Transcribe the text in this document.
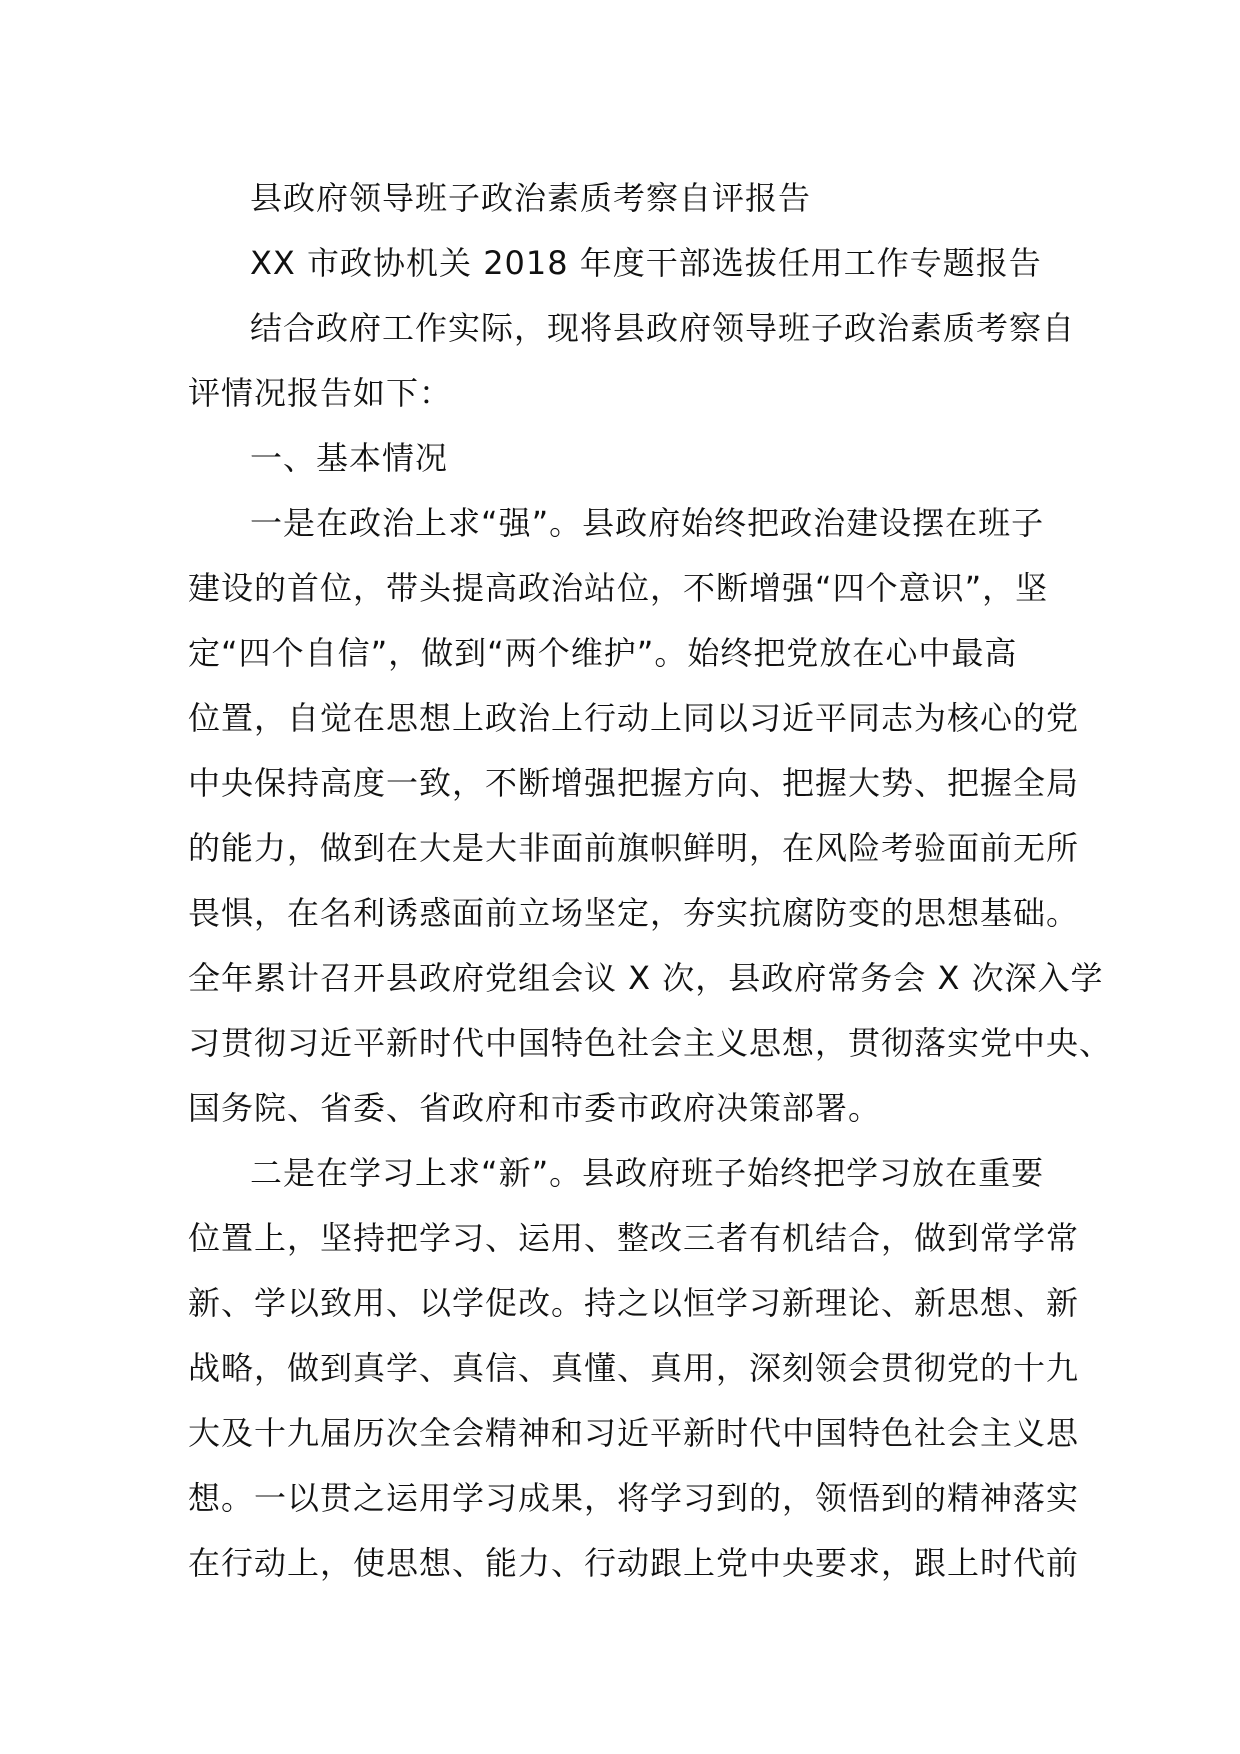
县政府领导班子政治素质考察自评报告
XX 市政协机关 2018 年度干部选拔任用工作专题报告
结合政府工作实际，现将县政府领导班子政治素质考察自
评情况报告如下：
一、基本情况
一是在政治上求“强”。县政府始终把政治建设摆在班子
建设的首位，带头提高政治站位，不断增强“四个意识”，坚
定“四个自信”，做到“两个维护”。始终把党放在心中最高
位置，自觉在思想上政治上行动上同以习近平同志为核心的党
中央保持高度一致，不断增强把握方向、把握大势、把握全局
的能力，做到在大是大非面前旗帜鲜明，在风险考验面前无所
畏惧，在名利诱惑面前立场坚定，夯实抗腐防变的思想基础。
全年累计召开县政府党组会议 X 次，县政府常务会 X 次深入学
习贯彻习近平新时代中国特色社会主义思想，贯彻落实党中央、
国务院、省委、省政府和市委市政府决策部署。
二是在学习上求“新”。县政府班子始终把学习放在重要
位置上，坚持把学习、运用、整改三者有机结合，做到常学常
新、学以致用、以学促改。持之以恒学习新理论、新思想、新
战略，做到真学、真信、真懂、真用，深刻领会贯彻党的十九
大及十九届历次全会精神和习近平新时代中国特色社会主义思
想。一以贯之运用学习成果，将学习到的，领悟到的精神落实
在行动上，使思想、能力、行动跟上党中央要求，跟上时代前
